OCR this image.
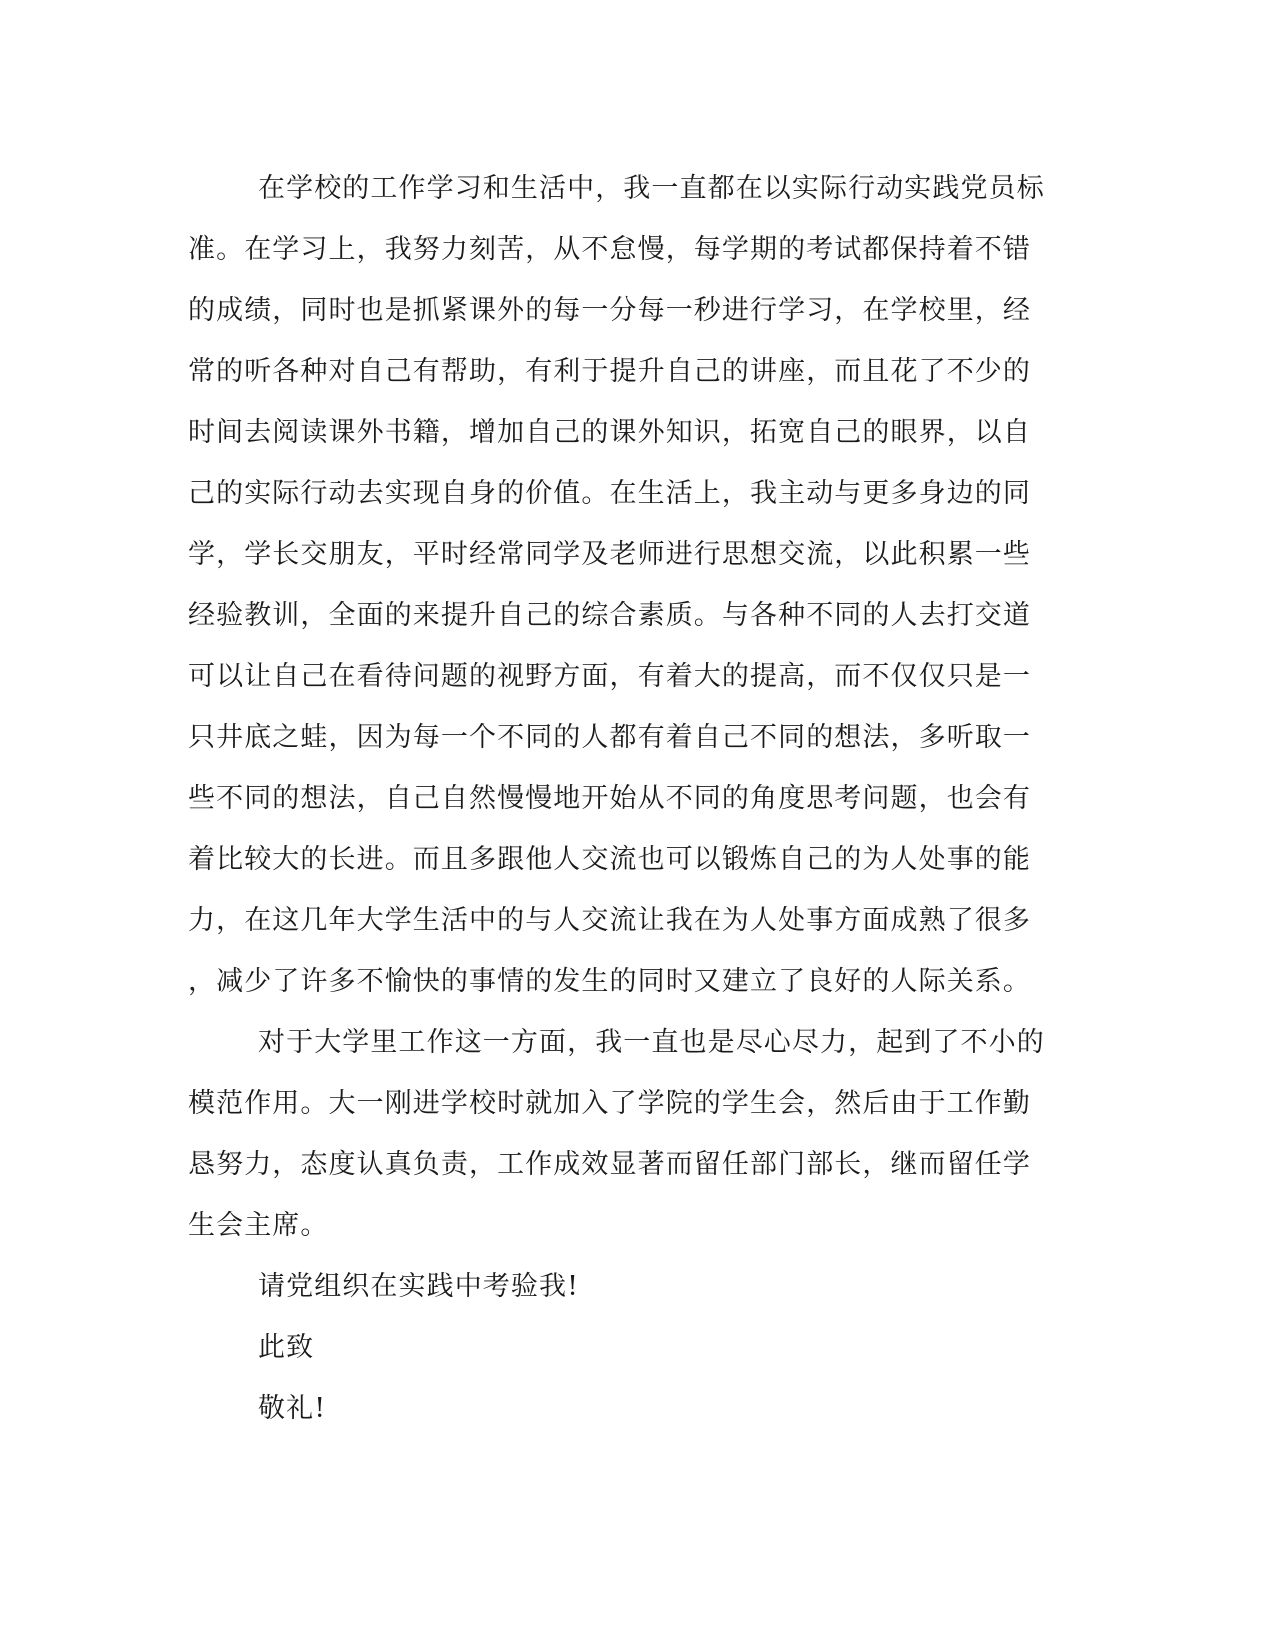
在学校的工作学习和生活中，我一直都在以实际行动实践党员标
准。在学习上，我努力刻苦，从不怠慢，每学期的考试都保持着不错
的成绩，同时也是抓紧课外的每一分每一秒进行学习，在学校里，经
常的听各种对自己有帮助，有利于提升自己的讲座，而且花了不少的
时间去阅读课外书籍，增加自己的课外知识，拓宽自己的眼界，以自
己的实际行动去实现自身的价值。在生活上，我主动与更多身边的同
学，学长交朋友，平时经常同学及老师进行思想交流，以此积累一些
经验教训，全面的来提升自己的综合素质。与各种不同的人去打交道
可以让自己在看待问题的视野方面，有着大的提高，而不仅仅只是一
只井底之蛙，因为每一个不同的人都有着自己不同的想法，多听取一
些不同的想法，自己自然慢慢地开始从不同的角度思考问题，也会有
着比较大的长进。而且多跟他人交流也可以锻炼自己的为人处事的能
力，在这几年大学生活中的与人交流让我在为人处事方面成熟了很多
，减少了许多不愉快的事情的发生的同时又建立了良好的人际关系。
对于大学里工作这一方面，我一直也是尽心尽力，起到了不小的
模范作用。大一刚进学校时就加入了学院的学生会，然后由于工作勤
恳努力，态度认真负责，工作成效显著而留任部门部长，继而留任学
生会主席。
请党组织在实践中考验我!
此致
敬礼!
